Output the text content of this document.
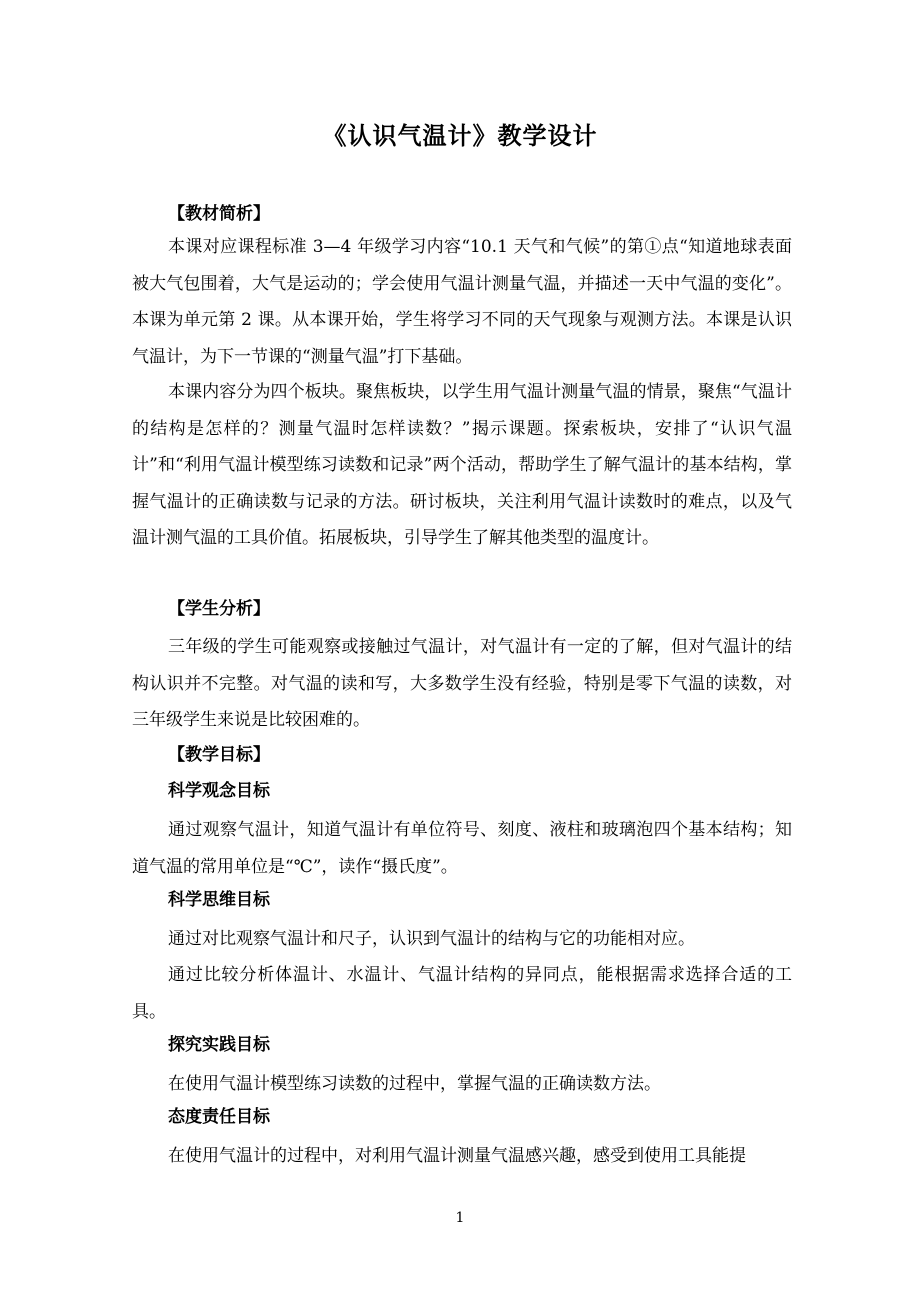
《认识气温计》教学设计
【教材简析】

本课对应课程标准 3—4 年级学习内容“10.1 天气和气候”的第①点“知道地球表面被大气包围着，大气是运动的；学会使用气温计测量气温，并描述一天中气温的变化”。本课为单元第 2 课。从本课开始，学生将学习不同的天气现象与观测方法。本课是认识气温计，为下一节课的“测量气温”打下基础。

本课内容分为四个板块。聚焦板块，以学生用气温计测量气温的情景，聚焦“气温计的结构是怎样的？测量气温时怎样读数？”揭示课题。探索板块，安排了“认识气温计”和“利用气温计模型练习读数和记录”两个活动，帮助学生了解气温计的基本结构，掌握气温计的正确读数与记录的方法。研讨板块，关注利用气温计读数时的难点，以及气温计测气温的工具价值。拓展板块，引导学生了解其他类型的温度计。

【学生分析】

三年级的学生可能观察或接触过气温计，对气温计有一定的了解，但对气温计的结构认识并不完整。对气温的读和写，大多数学生没有经验，特别是零下气温的读数，对三年级学生来说是比较困难的。

【教学目标】
科学观念目标

通过观察气温计，知道气温计有单位符号、刻度、液柱和玻璃泡四个基本结构；知道气温的常用单位是“℃”，读作“摄氏度”。

科学思维目标

通过对比观察气温计和尺子，认识到气温计的结构与它的功能相对应。

通过比较分析体温计、水温计、气温计结构的异同点，能根据需求选择合适的工具。

探究实践目标

在使用气温计模型练习读数的过程中，掌握气温的正确读数方法。

态度责任目标

在使用气温计的过程中，对利用气温计测量气温感兴趣，感受到使用工具能提

1
